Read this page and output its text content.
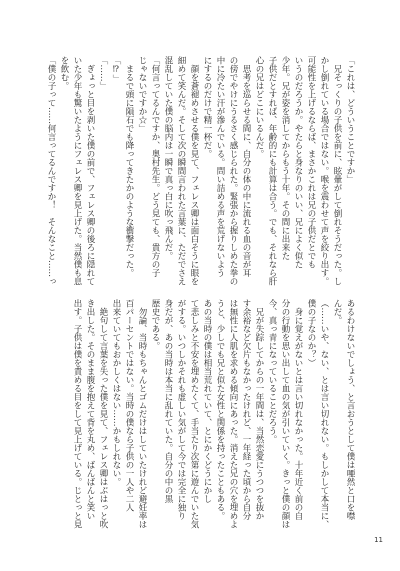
「これは、どういうことですか」
　兄そっくりの子供を前に、眩暈がして倒れそうだった。し
かし倒れている場合ではない。喉を震わせて声を絞り出す。
可能性を上げるならば、まさかこれは兄の子供だとでも
いうのだろうか。やたらと身なりのいい、兄によく似た
少年。兄が姿を消してからもう十年。その間に出来た
子供だとすれば、年齢的にも計算は合う。でも、それなら肝
心の兄はどこにいるんだ。
　思考を巡らせる間に、自分の体の中に流れる血の音が耳
の傍でやけにうるさく感じられた。緊張から握りしめた拳の
中に冷たい汗が滲んでいる。問い詰める声を荒げないよう
にするのだけで精一杯だ。
　顔を蒼褪めさせる僕を見て、フェレス卿は面白そうに眼を
細めて笑んだ。そして次の瞬間言われた言葉に、ただでさえ
混乱していた僕の脳内は一瞬で真っ白に吹っ飛んだ。
「何言ってるんですか、奥村先生。どう見ても、貴方の子
じゃないですか☆」
　まるで頭に隕石でも降ってきたかのような衝撃だった。
「⁉」
「……」
　ぎょっと目を剥いた僕の前で、フェレス卿の後ろに隠れて
いた少年も驚いたようにフェレス卿を見上げた。当然僕も息
を飲む。
「僕の子って……何言ってるんですか！　そんなこと……っ
あるわけないでしょう、と言おうとして僕は唖然と口を噤
んだ。
（……いや、ない、とは言い切れない。もしかして本当に、
僕の子なのか？）
　身に覚えがないとは言い切れなかった。十年近く前の自
分の行動を思い出して血の気が引いていく。きっと僕の顔は
今、真っ青になっていることだろう。
　兄が失踪してからの一年間は、当然恋愛にうつつを抜か
す余裕など欠片もなかったけれど、一年経った頃から自分
は無性に人肌を求める傾向にあった。消えた兄の穴を埋めよ
うと、少しでも兄と似た女性と関係を持ったこともある。
あの当時の僕は相当荒れていて、とにかくどうにかし
て悲しみと不安を埋めたくて、手当たり次第に遊んでいた気
がする。いつしかそれも虚しい気がして今では完全に独り
身だが、あの当時は本当に乱れていた。自分の中の黒
歴史である。
　勿論、当時もちゃんとゴムだけはしていたけれど避妊率は
百パーセントではない。当時の僕なら子供の一人や二人
出来ていてもおかしくはない……かもしれない。
　絶句して言葉を失った僕を見て、フェレス卿はぶはっと吹
き出した。そのまま腹を抱えて背を丸め、ばんばんと笑い
出す。子供は僕を責める目をして見上げている。じとっと見
11
